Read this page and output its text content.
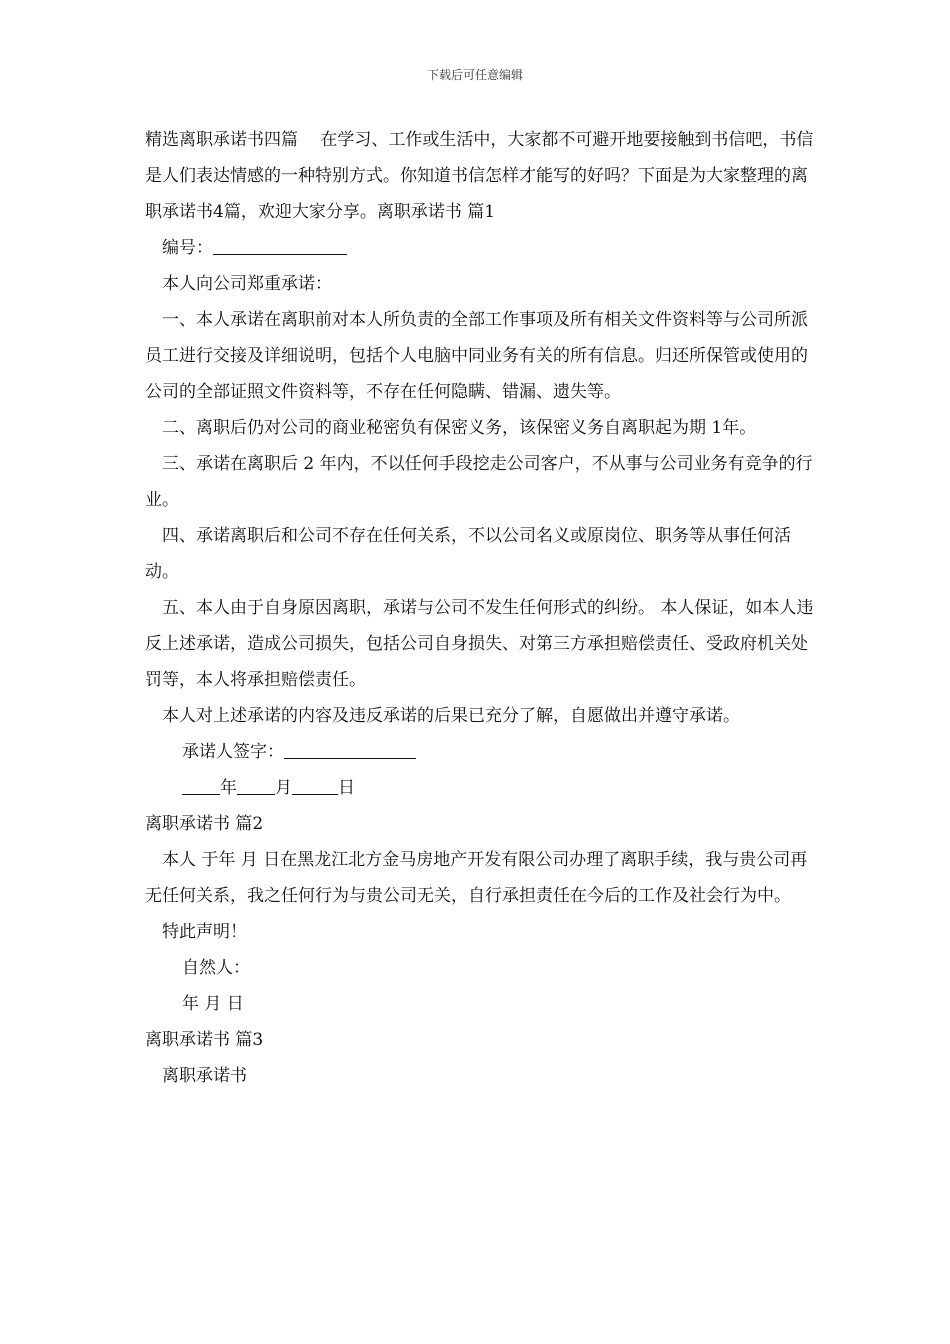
下载后可任意编辑

精选离职承诺书四篇　 在学习、工作或生活中，大家都不可避开地要接触到书信吧，书信是人们表达情感的一种特别方式。你知道书信怎样才能写的好吗？下面是为大家整理的离职承诺书4篇，欢迎大家分享。离职承诺书 篇1

编号：

本人向公司郑重承诺：

一、本人承诺在离职前对本人所负责的全部工作事项及所有相关文件资料等与公司所派员工进行交接及详细说明，包括个人电脑中同业务有关的所有信息。归还所保管或使用的公司的全部证照文件资料等，不存在任何隐瞒、错漏、遗失等。

二、离职后仍对公司的商业秘密负有保密义务，该保密义务自离职起为期 1年。

三、承诺在离职后 2 年内，不以任何手段挖走公司客户，不从事与公司业务有竞争的行业。

四、承诺离职后和公司不存在任何关系，不以公司名义或原岗位、职务等从事任何活动。

五、本人由于自身原因离职，承诺与公司不发生任何形式的纠纷。 本人保证，如本人违反上述承诺，造成公司损失，包括公司自身损失、对第三方承担赔偿责任、受政府机关处罚等，本人将承担赔偿责任。

本人对上述承诺的内容及违反承诺的后果已充分了解，自愿做出并遵守承诺。

承诺人签字：

年 月	日

离职承诺书 篇2

本人 于年 月 日在黑龙江北方金马房地产开发有限公司办理了离职手续，我与贵公司再无任何关系，我之任何行为与贵公司无关，自行承担责任在今后的工作及社会行为中。

特此声明！

自然人：

年 月 日

离职承诺书 篇3

离职承诺书
